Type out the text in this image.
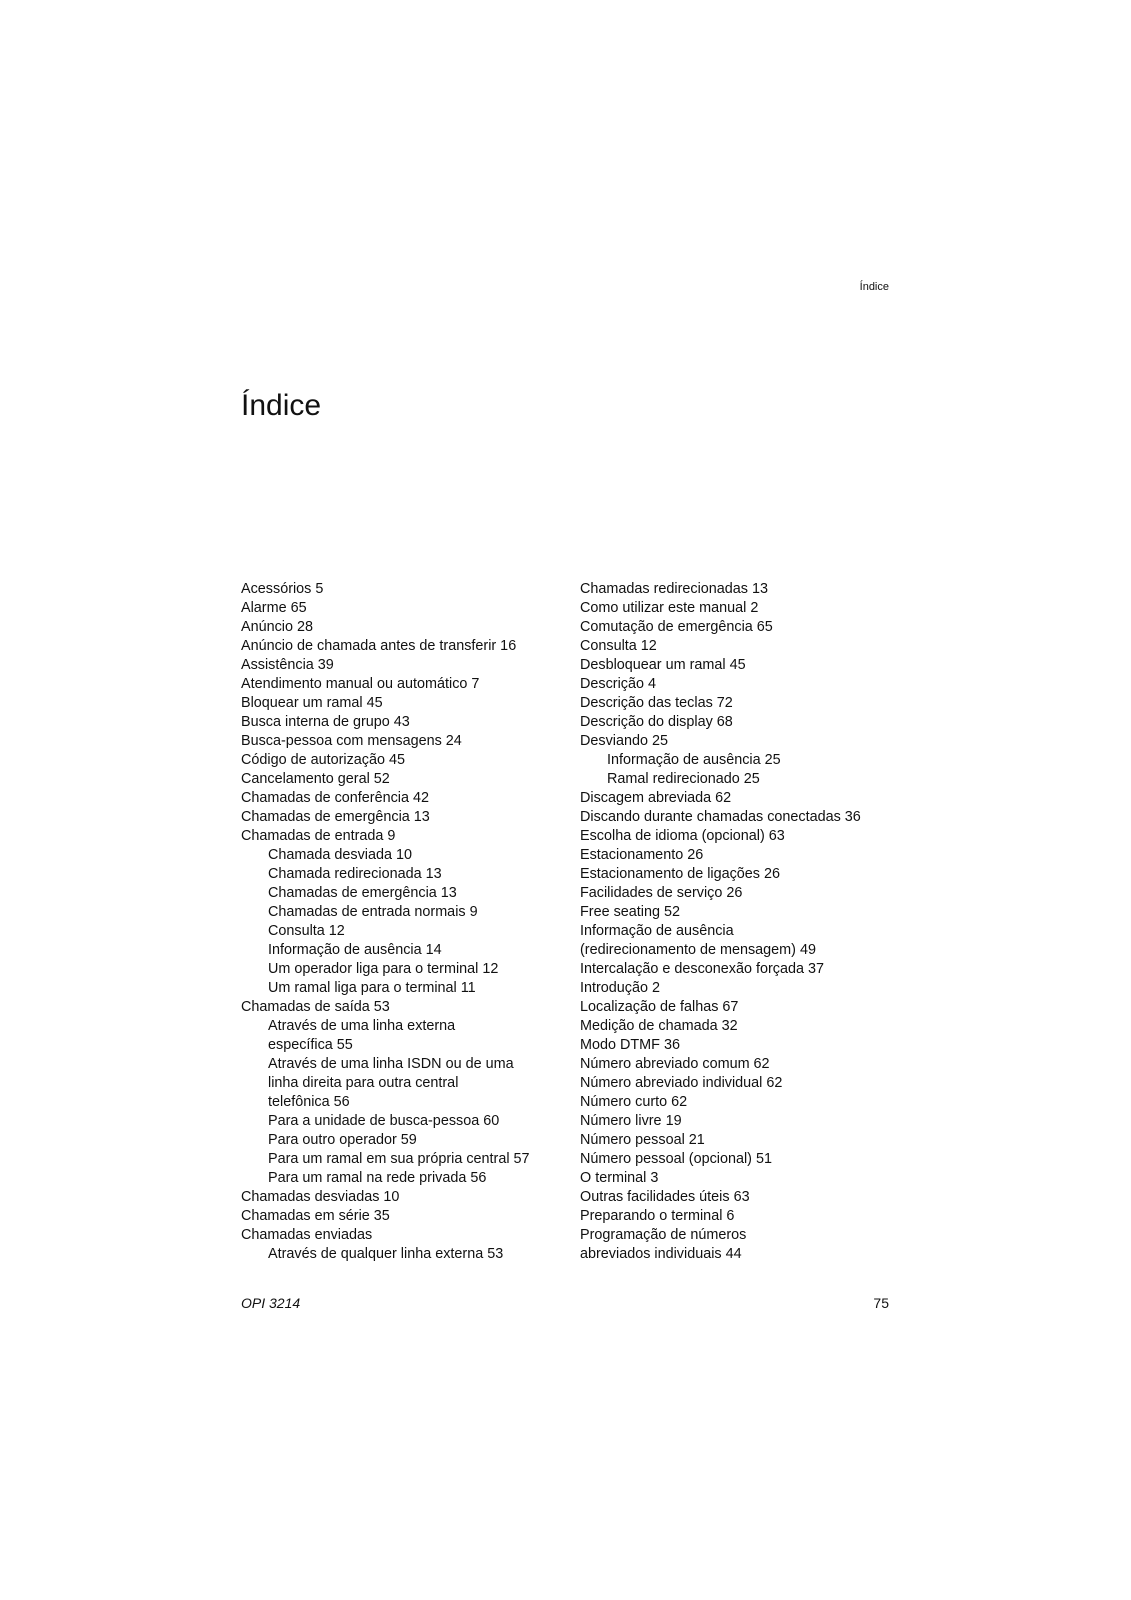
Índice
Índice
Acessórios 5
Alarme 65
Anúncio 28
Anúncio de chamada antes de transferir 16
Assistência 39
Atendimento manual ou automático 7
Bloquear um ramal 45
Busca interna de grupo 43
Busca-pessoa com mensagens 24
Código de autorização 45
Cancelamento geral 52
Chamadas de conferência 42
Chamadas de emergência 13
Chamadas de entrada 9
Chamada desviada 10
Chamada redirecionada 13
Chamadas de emergência 13
Chamadas de entrada normais 9
Consulta 12
Informação de ausência 14
Um operador liga para o terminal 12
Um ramal liga para o terminal 11
Chamadas de saída 53
Através de uma linha externa
específica 55
Através de uma linha ISDN ou de uma
linha direita para outra central
telefônica 56
Para a unidade de busca-pessoa 60
Para outro operador 59
Para um ramal em sua própria central 57
Para um ramal na rede privada 56
Chamadas desviadas 10
Chamadas em série 35
Chamadas enviadas
Através de qualquer linha externa 53
Chamadas redirecionadas 13
Como utilizar este manual 2
Comutação de emergência 65
Consulta 12
Desbloquear um ramal 45
Descrição 4
Descrição das teclas 72
Descrição do display 68
Desviando 25
Informação de ausência 25
Ramal redirecionado 25
Discagem abreviada 62
Discando durante chamadas conectadas 36
Escolha de idioma (opcional) 63
Estacionamento 26
Estacionamento de ligações 26
Facilidades de serviço 26
Free seating 52
Informação de ausência
(redirecionamento de mensagem) 49
Intercalação e desconexão forçada 37
Introdução 2
Localização de falhas 67
Medição de chamada 32
Modo DTMF 36
Número abreviado comum 62
Número abreviado individual 62
Número curto 62
Número livre 19
Número pessoal 21
Número pessoal (opcional) 51
O terminal 3
Outras facilidades úteis 63
Preparando o terminal 6
Programação de números
abreviados individuais 44
OPI 3214	75
